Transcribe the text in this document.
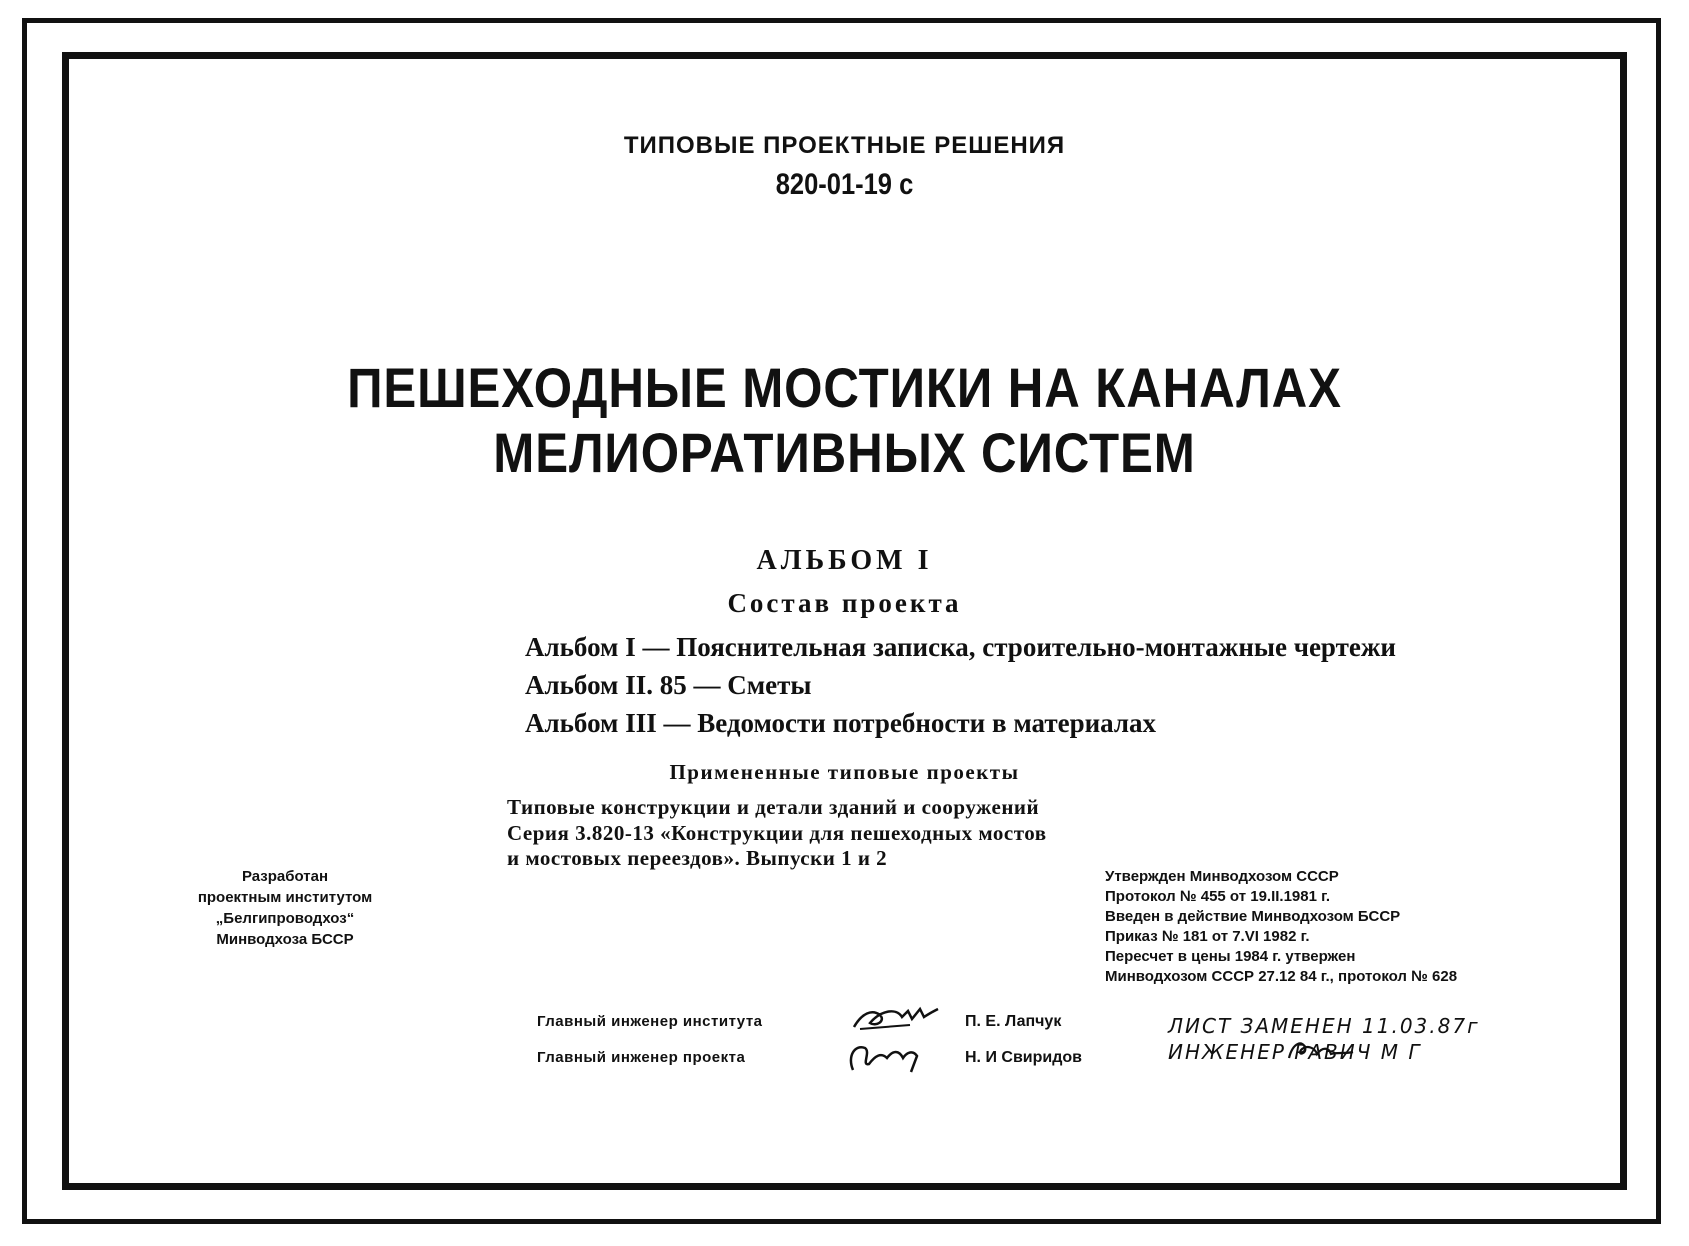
ТИПОВЫЕ ПРОЕКТНЫЕ РЕШЕНИЯ
820-01-19 с
ПЕШЕХОДНЫЕ МОСТИКИ НА КАНАЛАХ
МЕЛИОРАТИВНЫХ СИСТЕМ
АЛЬБОМ I
Состав проекта
Альбом I — Пояснительная записка, строительно-монтажные чертежи
Альбом II. 85 — Сметы
Альбом III — Ведомости потребности в материалах
Примененные типовые проекты
Типовые конструкции и детали зданий и сооружений
Серия 3.820-13 «Конструкции для пешеходных мостов
и мостовых переездов». Выпуски 1 и 2
Разработан
проектным институтом
„Белгипроводхоз“
Минводхоза БССР
Утвержден Минводхозом СССР
Протокол № 455 от 19.II.1981 г.
Введен в действие Минводхозом БССР
Приказ № 181 от 7.VI 1982 г.
Пересчет в цены 1984 г. утвержен
Минводхозом СССР 27.12 84 г., протокол № 628
Главный инженер института	П. Е. Лапчук
Главный инженер проекта	Н. И Свиридов
ЛИСТ ЗАМЕНЕН 11.03.87г
ИНЖЕНЕР РАВИЧ М Г
